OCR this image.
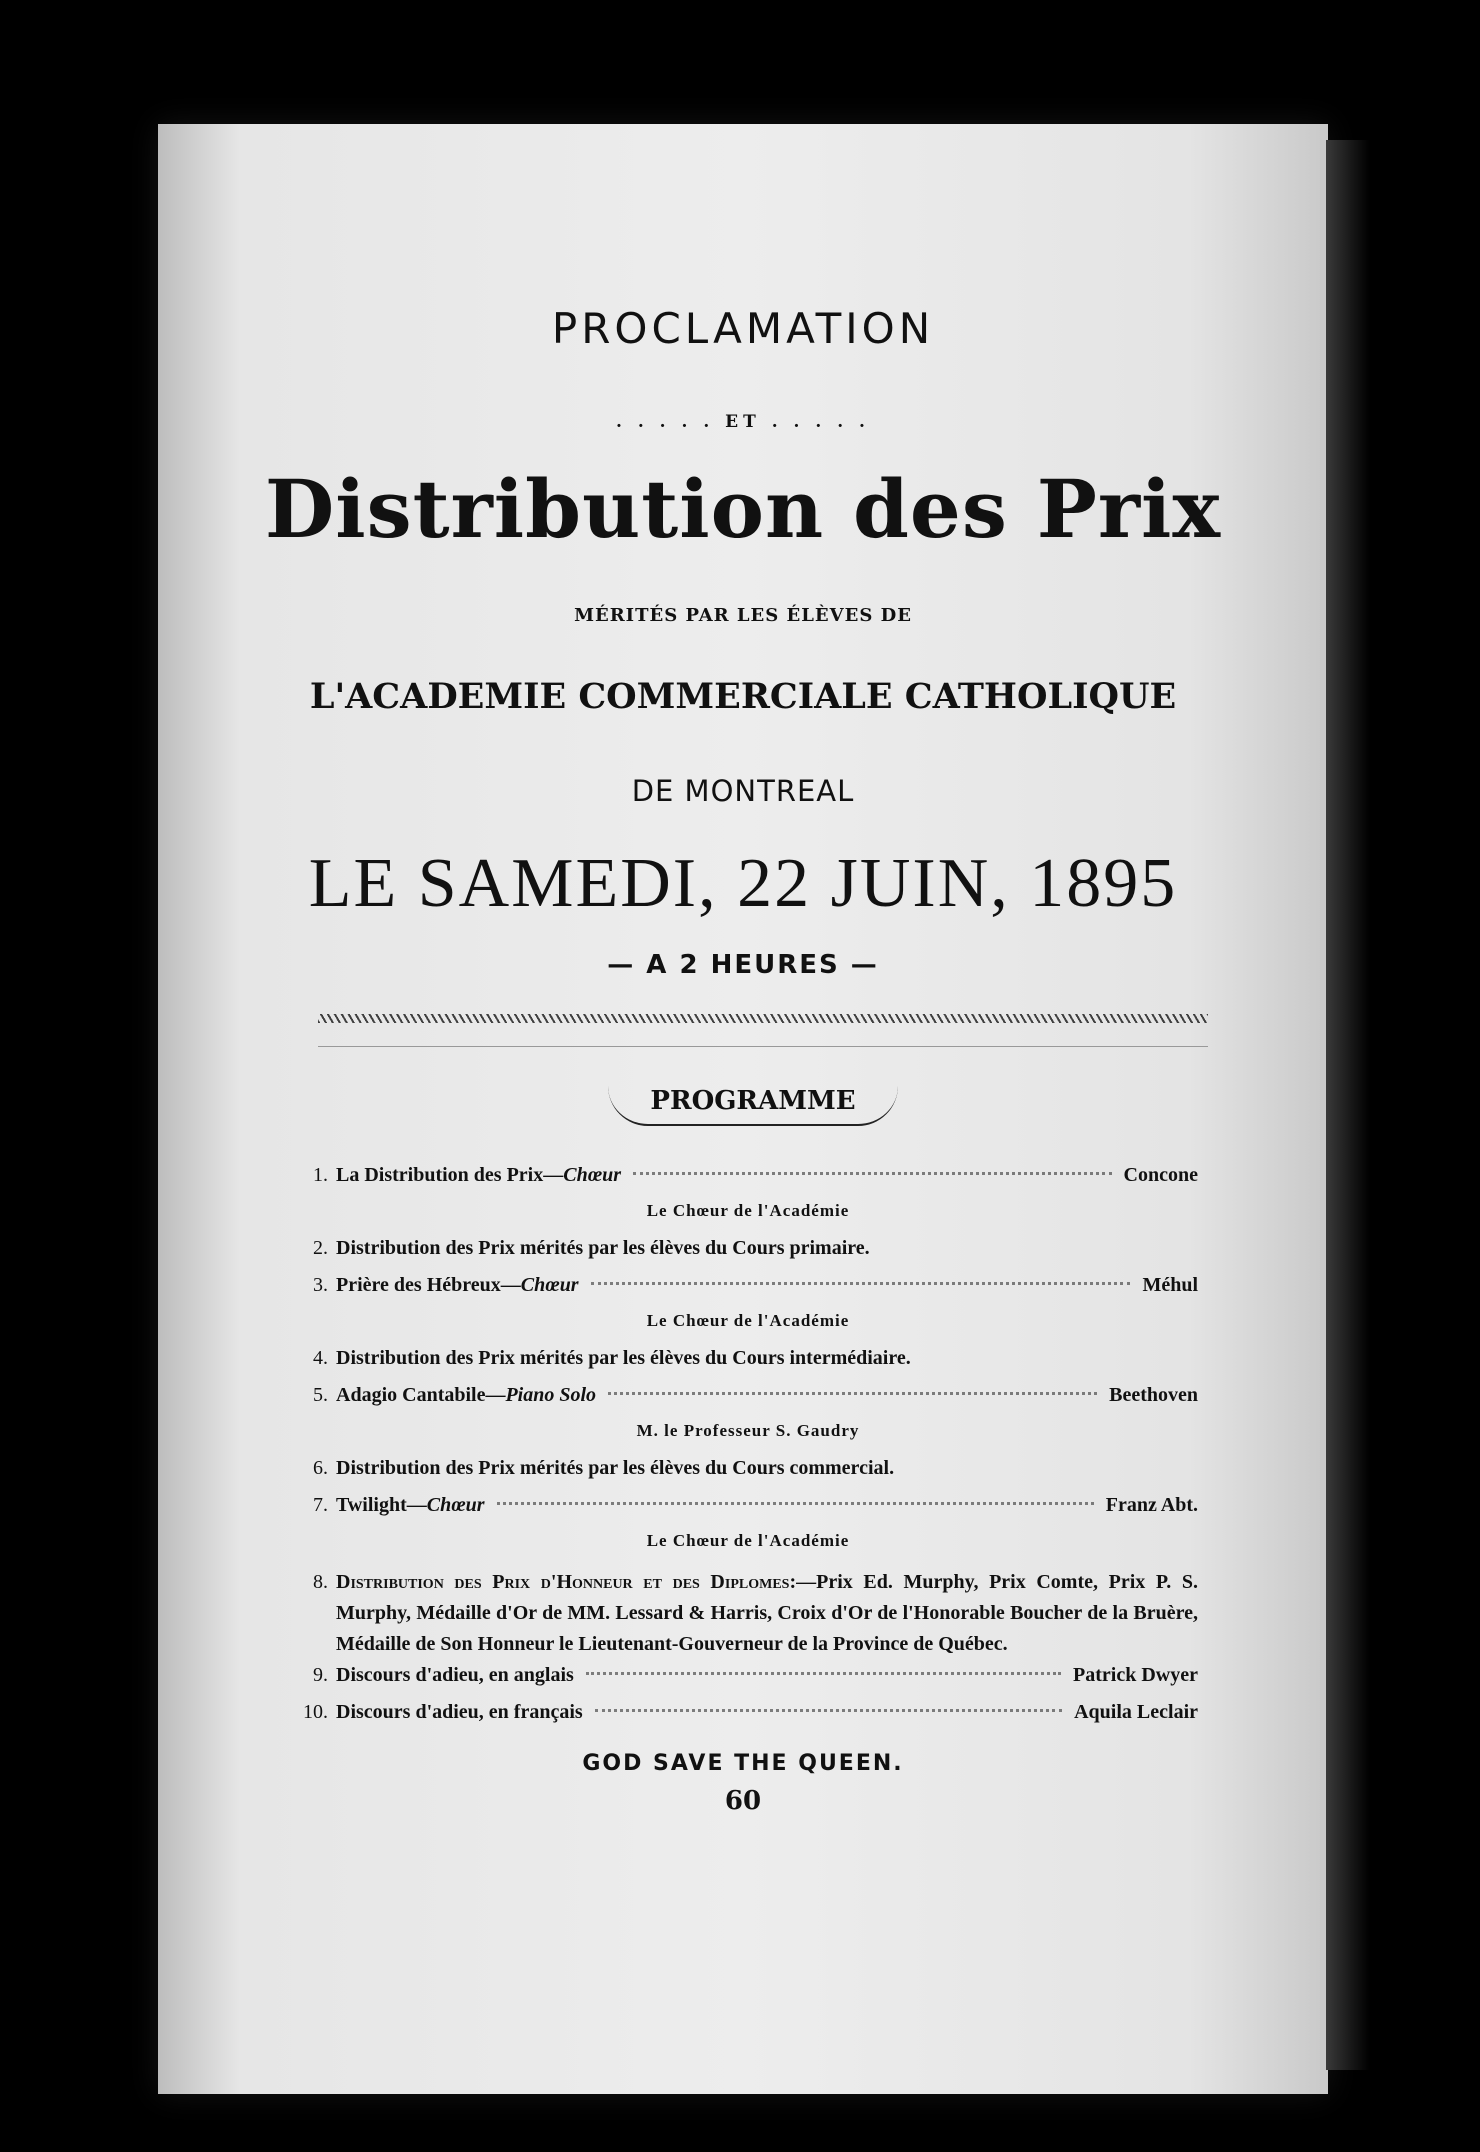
PROCLAMATION
. . . . . ET . . . . .
Distribution des Prix
MÉRITÉS PAR LES ÉLÈVES DE
L'ACADEMIE COMMERCIALE CATHOLIQUE
DE MONTREAL
LE SAMEDI, 22 JUIN, 1895
— A 2 HEURES —
PROGRAMME
1. La Distribution des Prix—Chœur	Concone
Le Chœur de l'Académie
2. Distribution des Prix mérités par les élèves du Cours primaire.
3. Prière des Hébreux—Chœur	Méhul
Le Chœur de l'Académie
4. Distribution des Prix mérités par les élèves du Cours intermédiaire.
5. Adagio Cantabile—Piano Solo	Beethoven
M. le Professeur S. Gaudry
6. Distribution des Prix mérités par les élèves du Cours commercial.
7. Twilight—Chœur	Franz Abt.
Le Chœur de l'Académie
8. Distribution des Prix d'Honneur et des Diplomes:—Prix Ed. Murphy, Prix Comte, Prix P. S. Murphy, Médaille d'Or de MM. Lessard & Harris, Croix d'Or de l'Honorable Boucher de la Bruère, Médaille de Son Honneur le Lieutenant-Gouverneur de la Province de Québec.
9. Discours d'adieu, en anglais	Patrick Dwyer
10. Discours d'adieu, en français	Aquila Leclair
GOD SAVE THE QUEEN.
60
